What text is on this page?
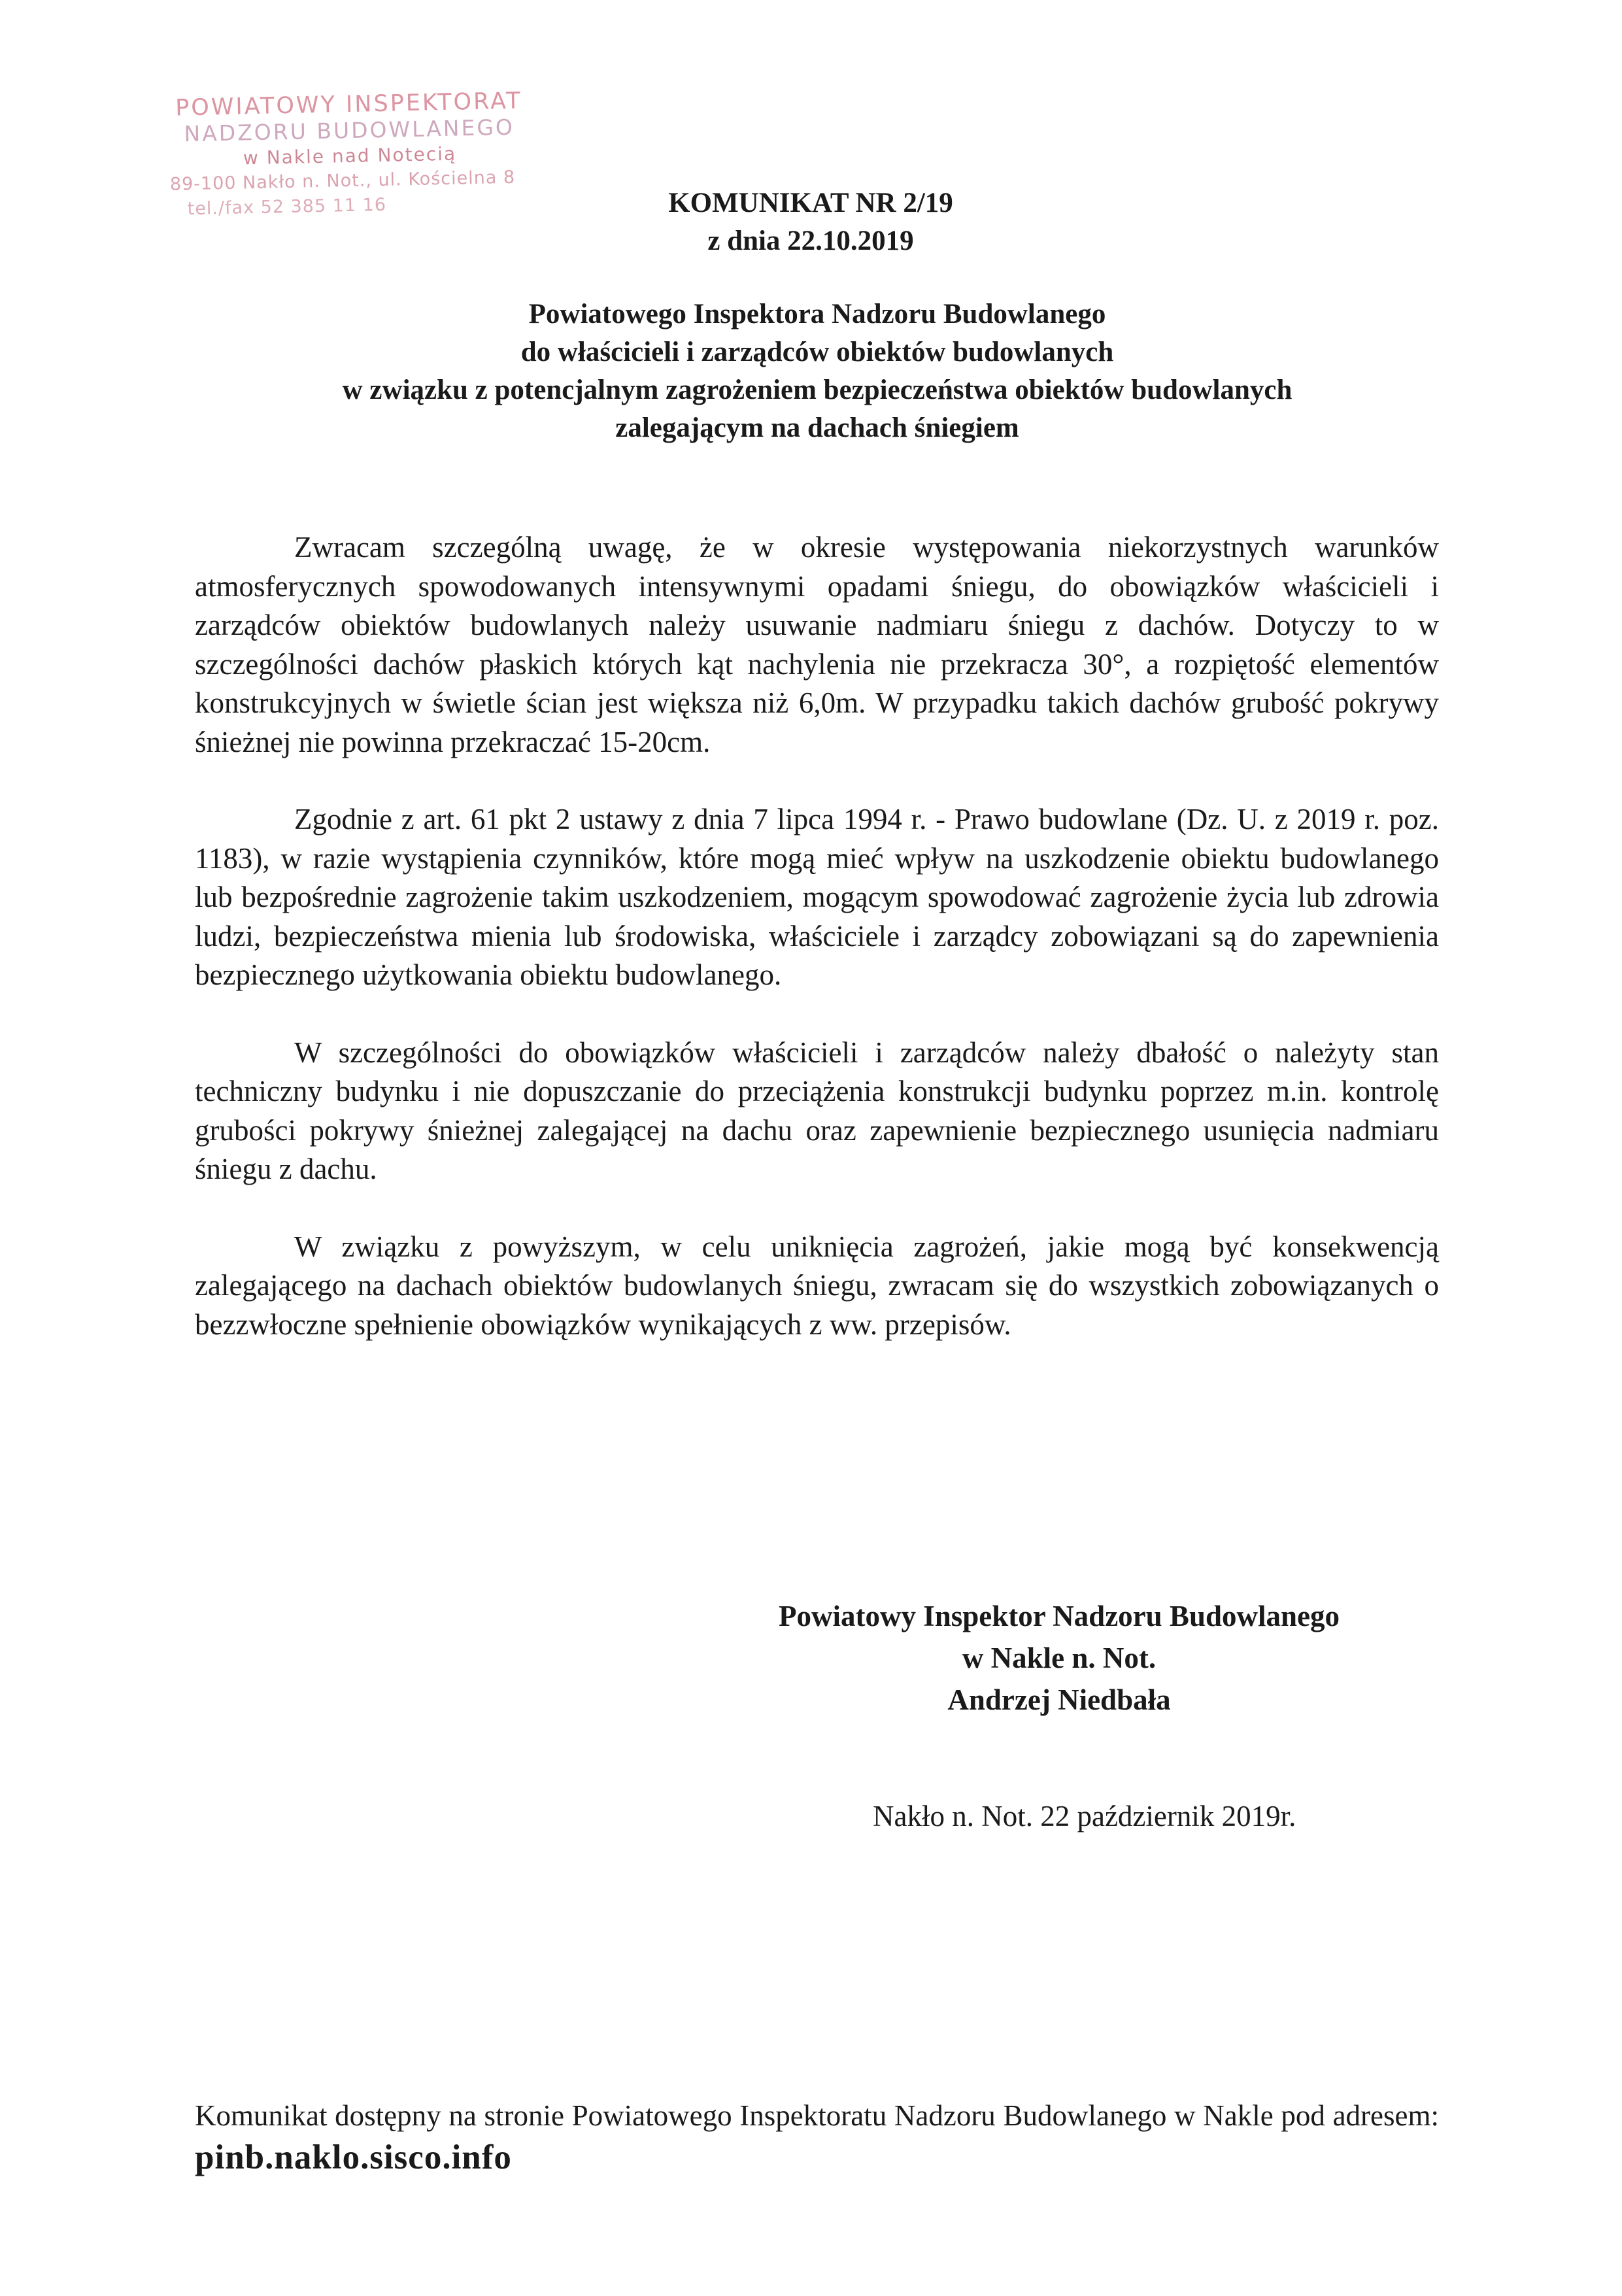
POWIATOWY INSPEKTORAT
NADZORU BUDOWLANEGO
w Nakle nad Notecią
89-100 Nakło n. Not., ul. Kościelna 8
tel./fax 52 385 11 16	KOMUNIKAT NR 2/19
z dnia 22.10.2019
Powiatowego Inspektora Nadzoru Budowlanego
do właścicieli i zarządców obiektów budowlanych
w związku z potencjalnym zagrożeniem bezpieczeństwa obiektów budowlanych
zalegającym na dachach śniegiem

Zwracam szczególną uwagę, że w okresie występowania niekorzystnych warunków atmosferycznych spowodowanych intensywnymi opadami śniegu, do obowiązków właścicieli i zarządców obiektów budowlanych należy usuwanie nadmiaru śniegu z dachów. Dotyczy to w szczególności dachów płaskich których kąt nachylenia nie przekracza 30°, a rozpiętość elementów konstrukcyjnych w świetle ścian jest większa niż 6,0m. W przypadku takich dachów grubość pokrywy śnieżnej nie powinna przekraczać 15-20cm.

Zgodnie z art. 61 pkt 2 ustawy z dnia 7 lipca 1994 r. - Prawo budowlane (Dz. U. z 2019 r. poz. 1183), w razie wystąpienia czynników, które mogą mieć wpływ na uszkodzenie obiektu budowlanego lub bezpośrednie zagrożenie takim uszkodzeniem, mogącym spowodować zagrożenie życia lub zdrowia ludzi, bezpieczeństwa mienia lub środowiska, właściciele i zarządcy zobowiązani są do zapewnienia bezpiecznego użytkowania obiektu budowlanego.

W szczególności do obowiązków właścicieli i zarządców należy dbałość o należyty stan techniczny budynku i nie dopuszczanie do przeciążenia konstrukcji budynku poprzez m.in. kontrolę grubości pokrywy śnieżnej zalegającej na dachu oraz zapewnienie bezpiecznego usunięcia nadmiaru śniegu z dachu.

W związku z powyższym, w celu uniknięcia zagrożeń, jakie mogą być konsekwencją zalegającego na dachach obiektów budowlanych śniegu, zwracam się do wszystkich zobowiązanych o bezzwłoczne spełnienie obowiązków wynikających z ww. przepisów.

Powiatowy Inspektor Nadzoru Budowlanego
w Nakle n. Not.
Andrzej Niedbała
Nakło n. Not. 22 październik 2019r.
Komunikat dostępny na stronie Powiatowego Inspektoratu Nadzoru Budowlanego w Nakle pod adresem: pinb.naklo.sisco.info
